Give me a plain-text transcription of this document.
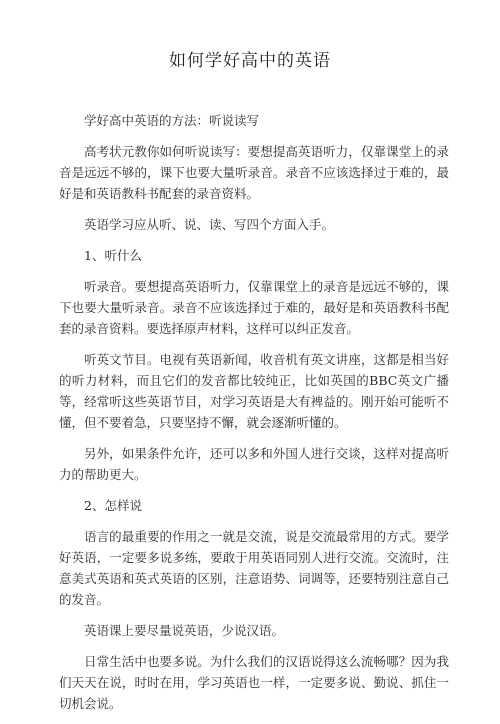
如何学好高中的英语

学好高中英语的方法：听说读写

高考状元教你如何听说读写：要想提高英语听力，仅靠课堂上的录音是远远不够的，课下也要大量听录音。录音不应该选择过于难的，最好是和英语教科书配套的录音资料。

英语学习应从听、说、读、写四个方面入手。

1、听什么

听录音。要想提高英语听力，仅靠课堂上的录音是远远不够的，课下也要大量听录音。录音不应该选择过于难的，最好是和英语教科书配套的录音资料。要选择原声材料，这样可以纠正发音。

听英文节目。电视有英语新闻，收音机有英文讲座，这都是相当好的听力材料，而且它们的发音都比较纯正，比如英国的BBC英文广播等，经常听这些英语节目，对学习英语是大有裨益的。刚开始可能听不懂，但不要着急，只要坚持不懈，就会逐渐听懂的。

另外，如果条件允许，还可以多和外国人进行交谈，这样对提高听力的帮助更大。

2、怎样说

语言的最重要的作用之一就是交流，说是交流最常用的方式。要学好英语，一定要多说多练，要敢于用英语同别人进行交流。交流时，注意美式英语和英式英语的区别，注意语势、词调等，还要特别注意自己的发音。

英语课上要尽量说英语，少说汉语。

日常生活中也要多说。为什么我们的汉语说得这么流畅哪？因为我们天天在说，时时在用，学习英语也一样，一定要多说、勤说、抓住一切机会说。
